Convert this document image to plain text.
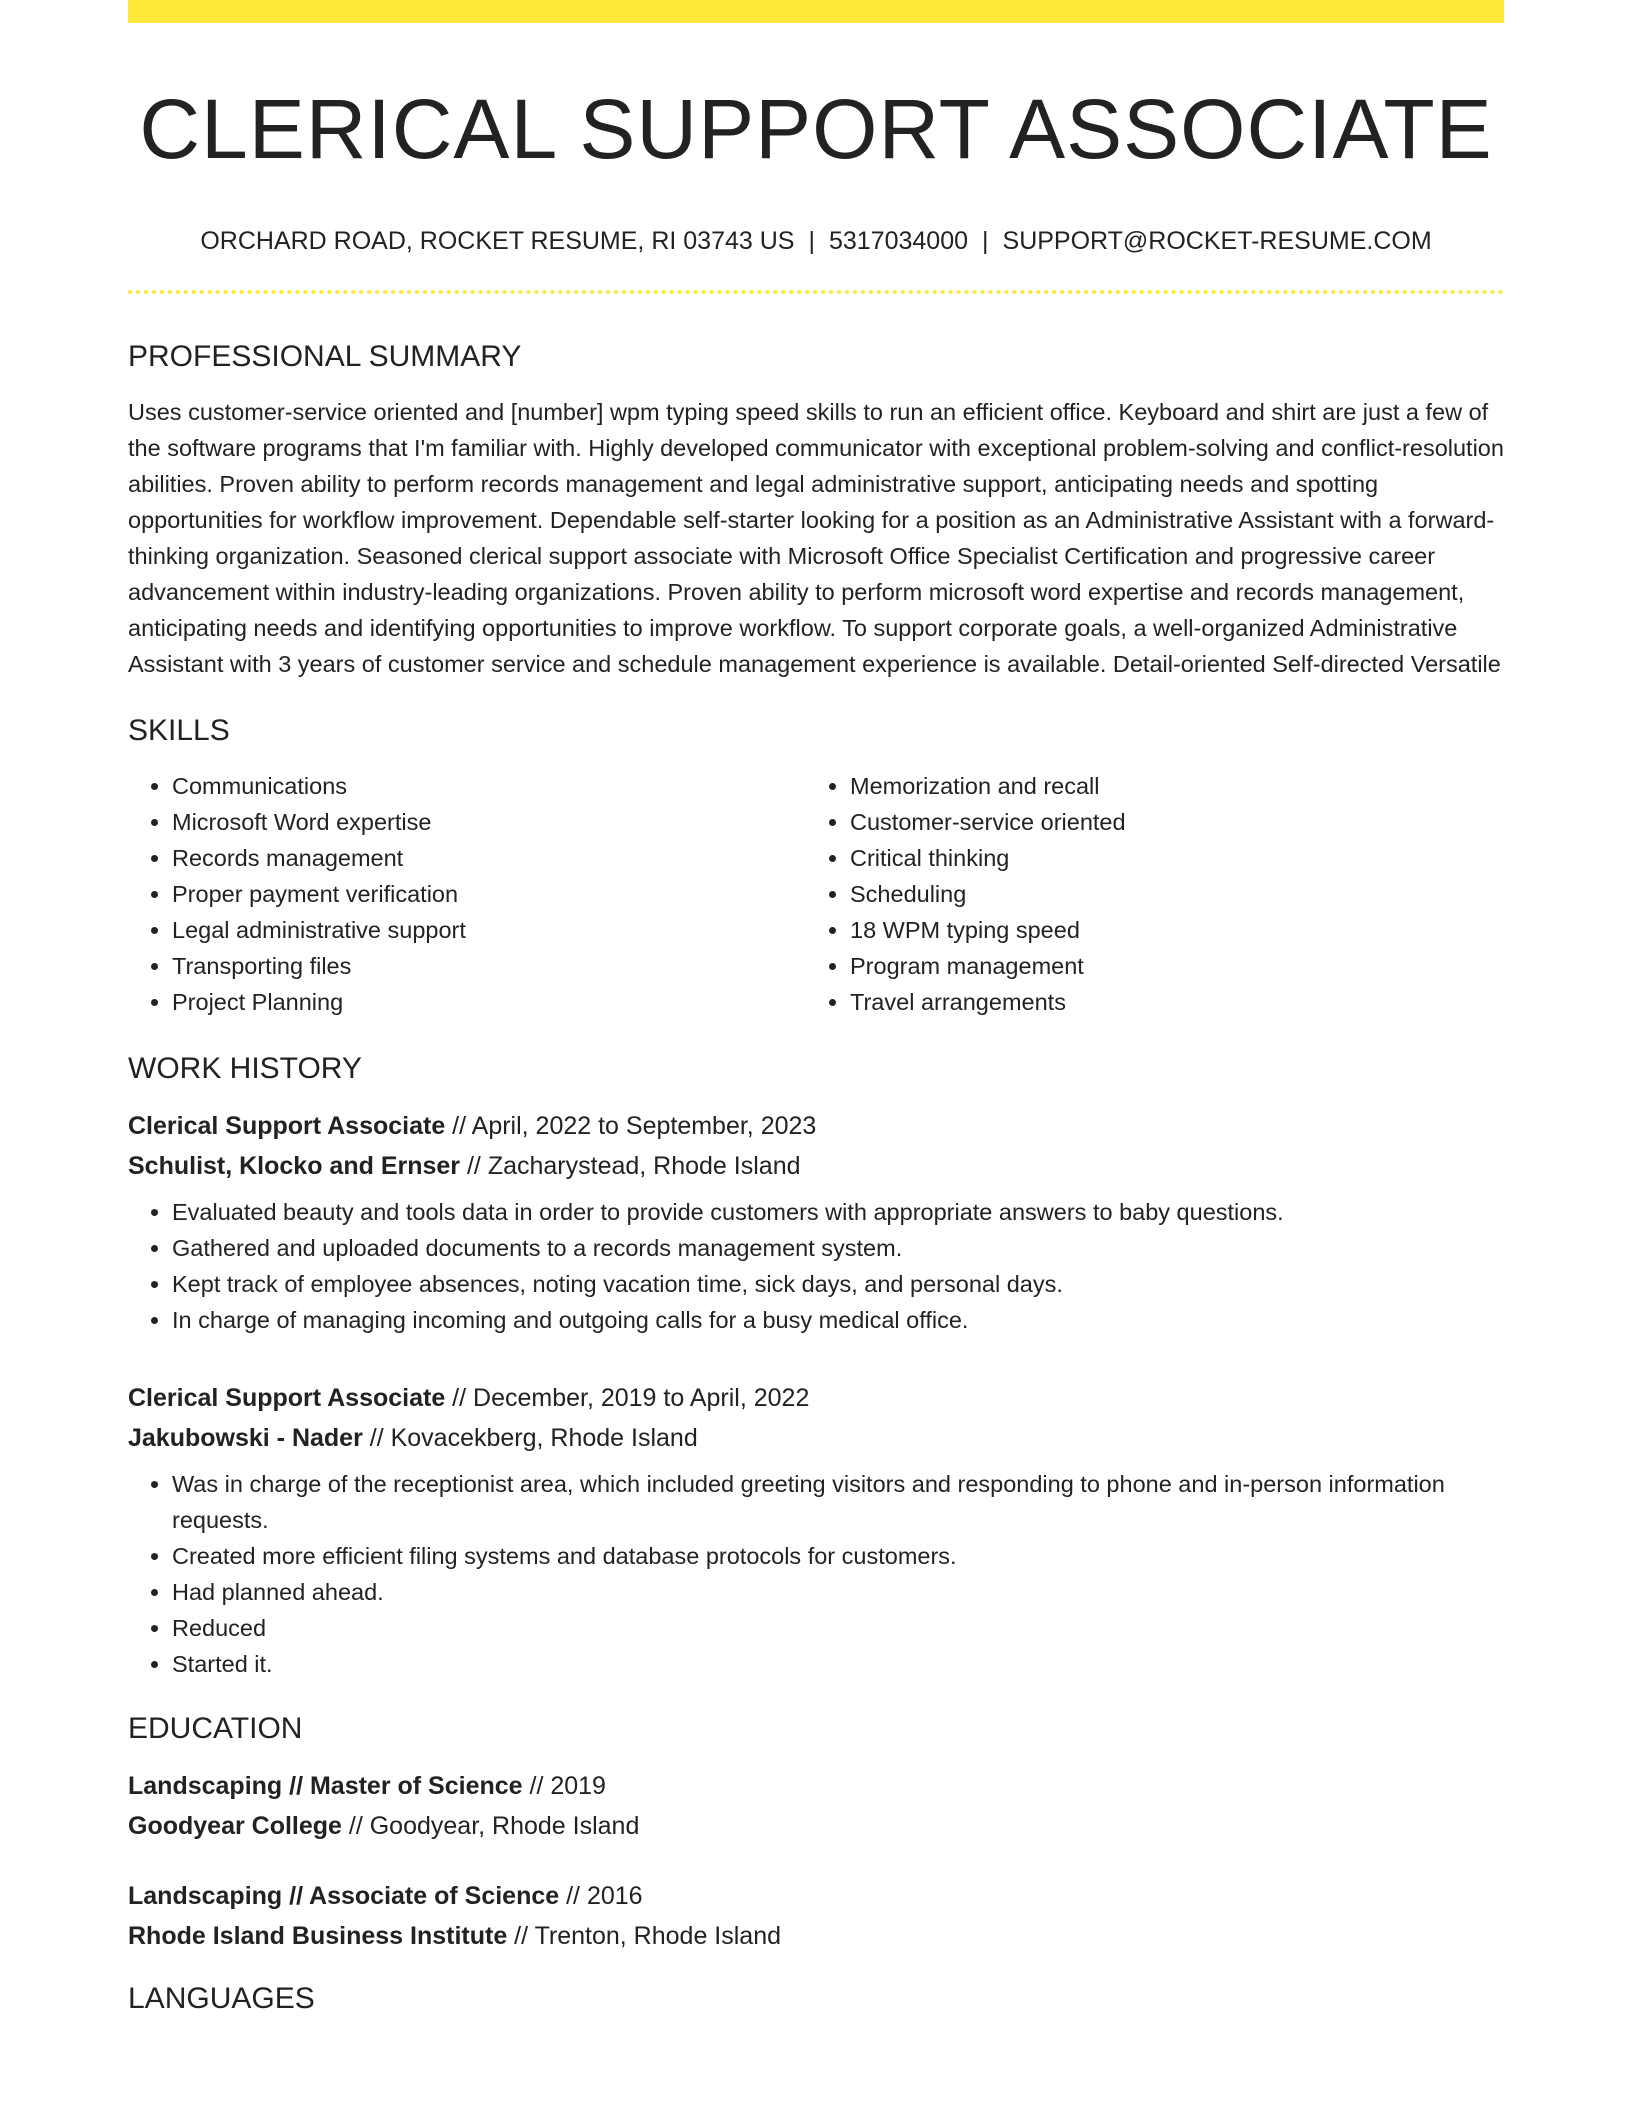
CLERICAL SUPPORT ASSOCIATE
ORCHARD ROAD, ROCKET RESUME, RI 03743 US | 5317034000 | SUPPORT@ROCKET-RESUME.COM
PROFESSIONAL SUMMARY
Uses customer-service oriented and [number] wpm typing speed skills to run an efficient office. Keyboard and shirt are just a few of the software programs that I'm familiar with. Highly developed communicator with exceptional problem-solving and conflict-resolution abilities. Proven ability to perform records management and legal administrative support, anticipating needs and spotting opportunities for workflow improvement. Dependable self-starter looking for a position as an Administrative Assistant with a forward-thinking organization. Seasoned clerical support associate with Microsoft Office Specialist Certification and progressive career advancement within industry-leading organizations. Proven ability to perform microsoft word expertise and records management, anticipating needs and identifying opportunities to improve workflow. To support corporate goals, a well-organized Administrative Assistant with 3 years of customer service and schedule management experience is available. Detail-oriented Self-directed Versatile
SKILLS
• Communications
• Microsoft Word expertise
• Records management
• Proper payment verification
• Legal administrative support
• Transporting files
• Project Planning
• Memorization and recall
• Customer-service oriented
• Critical thinking
• Scheduling
• 18 WPM typing speed
• Program management
• Travel arrangements
WORK HISTORY
Clerical Support Associate // April, 2022 to September, 2023
Schulist, Klocko and Ernser // Zacharystead, Rhode Island
• Evaluated beauty and tools data in order to provide customers with appropriate answers to baby questions.
• Gathered and uploaded documents to a records management system.
• Kept track of employee absences, noting vacation time, sick days, and personal days.
• In charge of managing incoming and outgoing calls for a busy medical office.
Clerical Support Associate // December, 2019 to April, 2022
Jakubowski - Nader // Kovacekberg, Rhode Island
• Was in charge of the receptionist area, which included greeting visitors and responding to phone and in-person information requests.
• Created more efficient filing systems and database protocols for customers.
• Had planned ahead.
• Reduced
• Started it.
EDUCATION
Landscaping // Master of Science // 2019
Goodyear College // Goodyear, Rhode Island
Landscaping // Associate of Science // 2016
Rhode Island Business Institute // Trenton, Rhode Island
LANGUAGES
